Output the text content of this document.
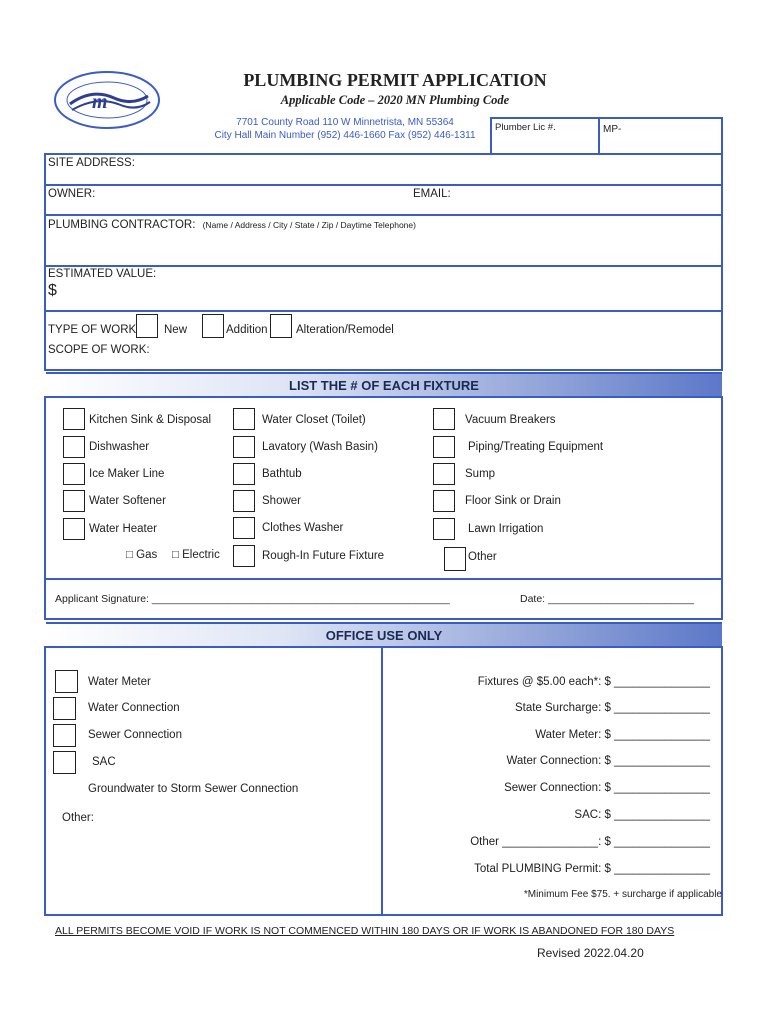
m
PLUMBING PERMIT APPLICATION
Applicable Code – 2020 MN Plumbing Code
7701 County Road 110 W Minnetrista, MN 55364
City Hall Main Number (952) 446-1660 Fax (952) 446-1311
Plumber Lic #.	MP-
SITE ADDRESS:
OWNER:	EMAIL:
PLUMBING CONTRACTOR: (Name / Address / City / State / Zip / Daytime Telephone)
ESTIMATED VALUE:
$
TYPE OF WORK New	Addition Alteration/Remodel
SCOPE OF WORK:
LIST THE # OF EACH FIXTURE
Kitchen Sink & Disposal
Dishwasher
Ice Maker Line
Water Softener
Water Heater
□ Gas □ Electric
Water Closet (Toilet)
Lavatory (Wash Basin)
Bathtub
Shower
Clothes Washer
Rough-In Future Fixture
Vacuum Breakers
Piping/Treating Equipment
Sump
Floor Sink or Drain
Lawn Irrigation
Other
Applicant Signature: ___________________________________________________	Date: _________________________
OFFICE USE ONLY
Water Meter
Water Connection
Sewer Connection
SAC
Groundwater to Storm Sewer Connection
Other:
Fixtures @ $5.00 each*: $ _______________
State Surcharge: $ _______________
Water Meter: $ _______________
Water Connection: $ _______________
Sewer Connection: $ _______________
SAC: $ _______________
Other _______________: $ _______________
Total PLUMBING Permit: $ _______________
*Minimum Fee $75. + surcharge if applicable
ALL PERMITS BECOME VOID IF WORK IS NOT COMMENCED WITHIN 180 DAYS OR IF WORK IS ABANDONED FOR 180 DAYS
Revised 2022.04.20
